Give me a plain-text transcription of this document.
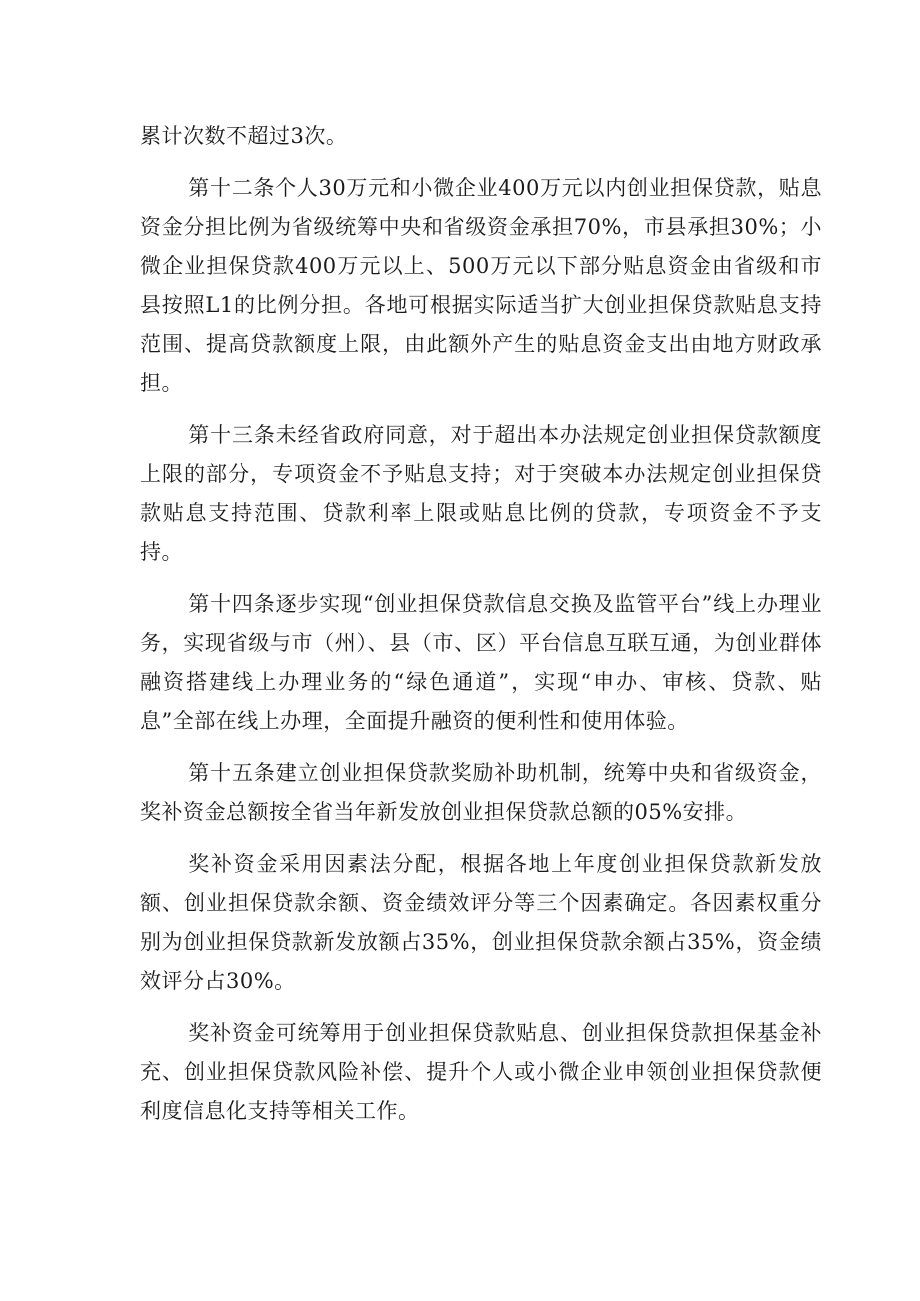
累计次数不超过3次。

第十二条个人30万元和小微企业400万元以内创业担保贷款，贴息资金分担比例为省级统筹中央和省级资金承担70%，市县承担30%；小微企业担保贷款400万元以上、500万元以下部分贴息资金由省级和市县按照L1的比例分担。各地可根据实际适当扩大创业担保贷款贴息支持范围、提高贷款额度上限，由此额外产生的贴息资金支出由地方财政承担。

第十三条未经省政府同意，对于超出本办法规定创业担保贷款额度上限的部分，专项资金不予贴息支持；对于突破本办法规定创业担保贷款贴息支持范围、贷款利率上限或贴息比例的贷款，专项资金不予支持。

第十四条逐步实现“创业担保贷款信息交换及监管平台”线上办理业务，实现省级与市（州）、县（市、区）平台信息互联互通，为创业群体融资搭建线上办理业务的“绿色通道”，实现“申办、审核、贷款、贴息”全部在线上办理，全面提升融资的便利性和使用体验。

第十五条建立创业担保贷款奖励补助机制，统筹中央和省级资金，奖补资金总额按全省当年新发放创业担保贷款总额的05%安排。

奖补资金采用因素法分配，根据各地上年度创业担保贷款新发放额、创业担保贷款余额、资金绩效评分等三个因素确定。各因素权重分别为创业担保贷款新发放额占35%，创业担保贷款余额占35%，资金绩效评分占30%。

奖补资金可统筹用于创业担保贷款贴息、创业担保贷款担保基金补充、创业担保贷款风险补偿、提升个人或小微企业申领创业担保贷款便利度信息化支持等相关工作。
